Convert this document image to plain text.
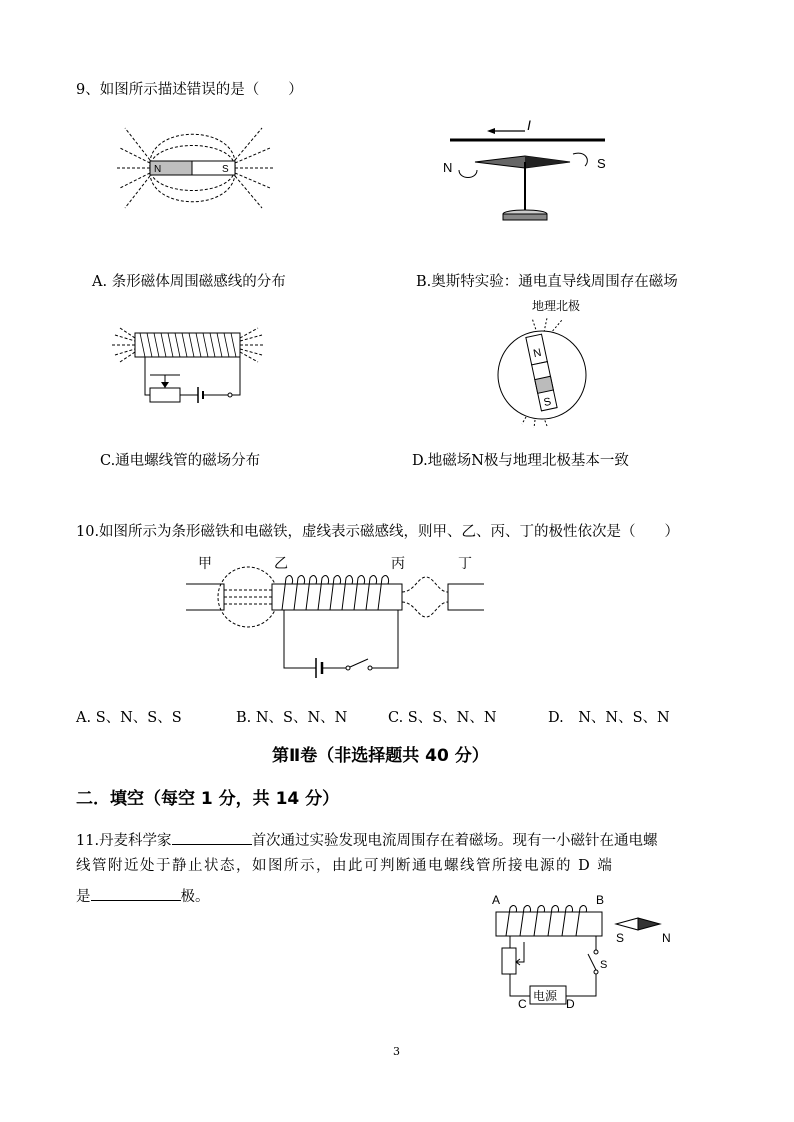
9、如图所示描述错误的是（　　）
N	S
I
N	S
A. 条形磁体周围磁感线的分布	B.奥斯特实验：通电直导线周围存在磁场
地理北极
N
S
C.通电螺线管的磁场分布	D.地磁场N极与地理北极基本一致
10.如图所示为条形磁铁和电磁铁，虚线表示磁感线，则甲、乙、丙、丁的极性依次是（　　）
甲	乙	丙	丁
A. S、N、S、S	B. N、S、N、N	C. S、S、N、N	D.　N、N、S、N
第Ⅱ卷（非选择题共 40 分）
二．填空（每空 1 分，共 14 分）
11.丹麦科学家	首次通过实验发现电流周围存在着磁场。现有一小磁针在通电螺
线管附近处于静止状态，如图所示，由此可判断通电螺线管所接电源的 D 端
是	极。	A	B
S	N
电源
C	D
S
3
